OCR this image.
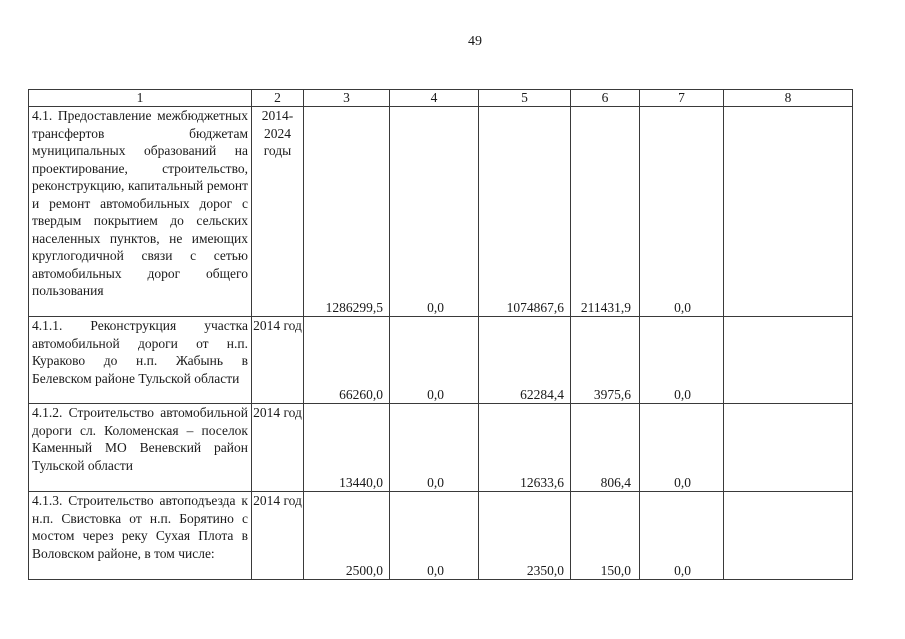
49
1	2	3	4	5	6	7	8
4.1. Предоставление межбюджетных трансфертов бюджетам муниципальных образований на проектирование, строительство, реконструкцию, капитальный ремонт и ремонт автомобильных дорог с твердым покрытием до сельских населенных пунктов, не имеющих круглогодичной связи с сетью автомобильных дорог общего пользования	2014-2024 годы	1286299,5	0,0	1074867,6	211431,9	0,0	
4.1.1. Реконструкция участка автомобильной дороги от н.п. Кураково до н.п. Жабынь в Белевском районе Тульской области	2014 год	66260,0	0,0	62284,4	3975,6	0,0	
4.1.2. Строительство автомобильной дороги сл. Коломенская – поселок Каменный МО Веневский район Тульской области	2014 год	13440,0	0,0	12633,6	806,4	0,0	
4.1.3. Строительство автоподъезда к н.п. Свистовка от н.п. Борятино с мостом через реку Сухая Плота в Воловском районе, в том числе:	2014 год	2500,0	0,0	2350,0	150,0	0,0	
